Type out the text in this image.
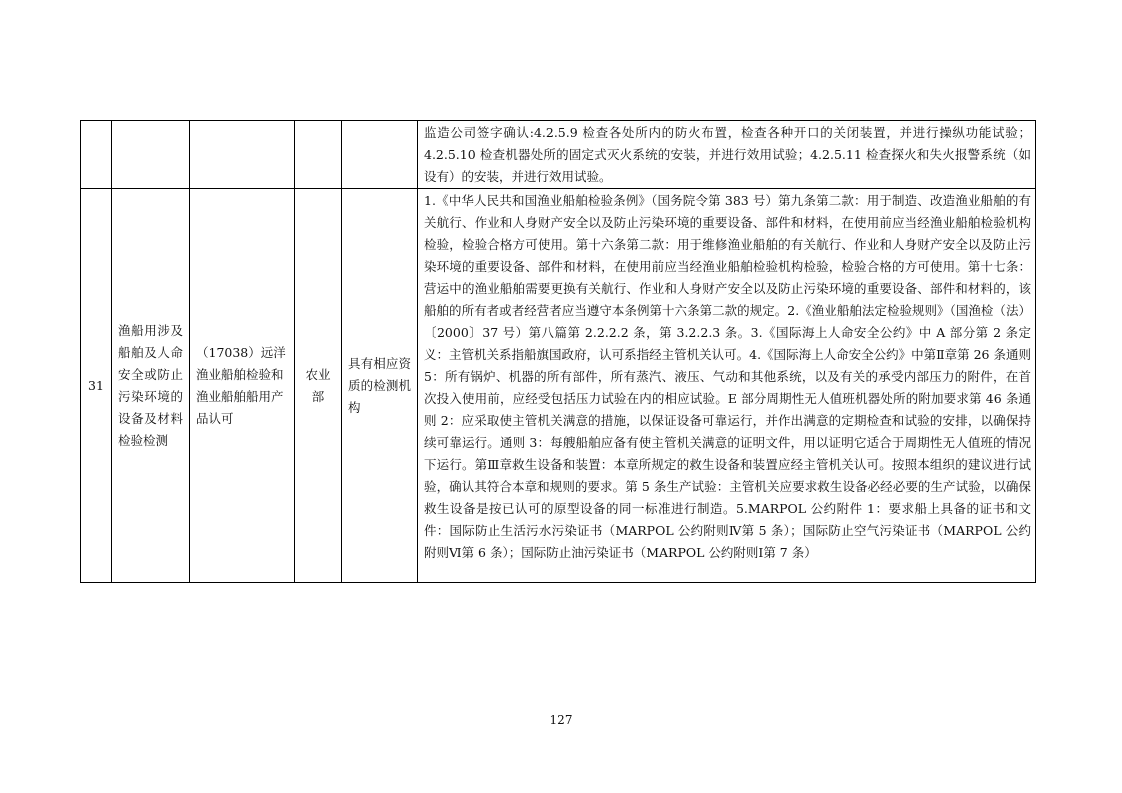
					监造公司签字确认:4.2.5.9 检查各处所内的防火布置，检查各种开口的关闭装置，并进行操纵功能试验；4.2.5.10 检查机器处所的固定式灭火系统的安装，并进行效用试验；4.2.5.11 检查探火和失火报警系统（如设有）的安装，并进行效用试验。
31	渔船用涉及船舶及人命安全或防止污染环境的设备及材料检验检测	（17038）远洋渔业船舶检验和渔业船舶船用产品认可	农业部	具有相应资质的检测机构	1.《中华人民共和国渔业船舶检验条例》（国务院令第 383 号）第九条第二款：用于制造、改造渔业船舶的有关航行、作业和人身财产安全以及防止污染环境的重要设备、部件和材料，在使用前应当经渔业船舶检验机构检验，检验合格方可使用。第十六条第二款：用于维修渔业船舶的有关航行、作业和人身财产安全以及防止污染环境的重要设备、部件和材料，在使用前应当经渔业船舶检验机构检验，检验合格的方可使用。第十七条：营运中的渔业船舶需要更换有关航行、作业和人身财产安全以及防止污染环境的重要设备、部件和材料的，该船舶的所有者或者经营者应当遵守本条例第十六条第二款的规定。2.《渔业船舶法定检验规则》（国渔检（法）〔2000〕37 号）第八篇第 2.2.2.2 条，第 3.2.2.3 条。3.《国际海上人命安全公约》中 A 部分第 2 条定义：主管机关系指船旗国政府，认可系指经主管机关认可。4.《国际海上人命安全公约》中第Ⅱ章第 26 条通则 5：所有锅炉、机器的所有部件，所有蒸汽、液压、气动和其他系统，以及有关的承受内部压力的附件，在首次投入使用前，应经受包括压力试验在内的相应试验。E 部分周期性无人值班机器处所的附加要求第 46 条通则 2：应采取使主管机关满意的措施，以保证设备可靠运行，并作出满意的定期检查和试验的安排，以确保持续可靠运行。通则 3：每艘船舶应备有使主管机关满意的证明文件，用以证明它适合于周期性无人值班的情况下运行。第Ⅲ章救生设备和装置：本章所规定的救生设备和装置应经主管机关认可。按照本组织的建议进行试验，确认其符合本章和规则的要求。第 5 条生产试验：主管机关应要求救生设备必经必要的生产试验，以确保救生设备是按已认可的原型设备的同一标准进行制造。5.MARPOL 公约附件 1：要求船上具备的证书和文件：国际防止生活污水污染证书（MARPOL 公约附则Ⅳ第 5 条）；国际防止空气污染证书（MARPOL 公约附则Ⅵ第 6 条）；国际防止油污染证书（MARPOL 公约附则Ⅰ第 7 条）
127
